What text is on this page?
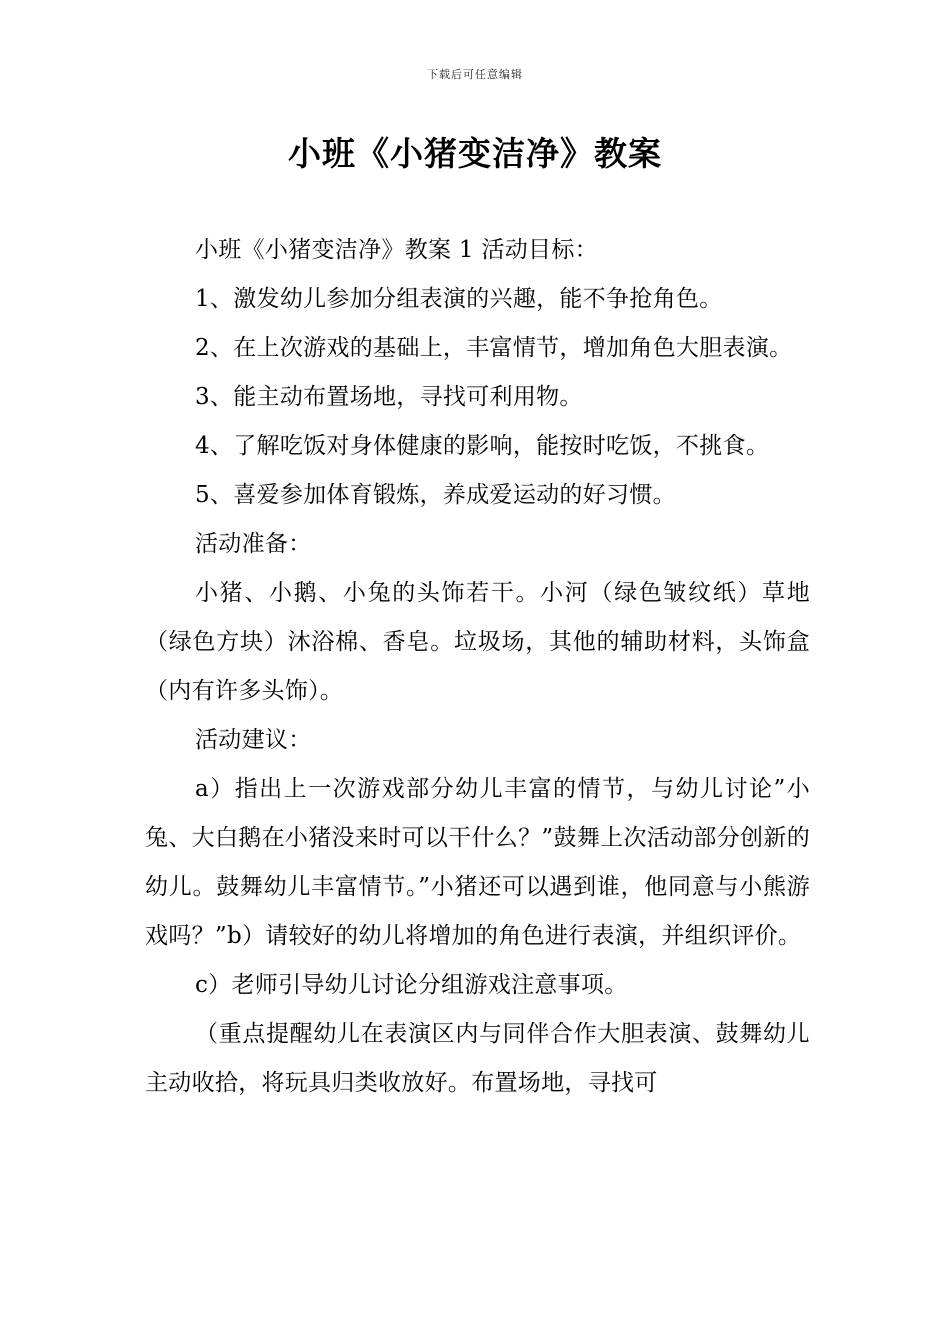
下载后可任意编辑
小班《小猪变洁净》教案

小班《小猪变洁净》教案 1 活动目标：

1、激发幼儿参加分组表演的兴趣，能不争抢角色。

2、在上次游戏的基础上，丰富情节，增加角色大胆表演。

3、能主动布置场地，寻找可利用物。

4、了解吃饭对身体健康的影响，能按时吃饭，不挑食。

5、喜爱参加体育锻炼，养成爱运动的好习惯。

活动准备：

小猪、小鹅、小兔的头饰若干。小河（绿色皱纹纸）草地（绿色方块）沐浴棉、香皂。垃圾场，其他的辅助材料，头饰盒（内有许多头饰）。

活动建议：

a）指出上一次游戏部分幼儿丰富的情节，与幼儿讨论”小兔、大白鹅在小猪没来时可以干什么？”鼓舞上次活动部分创新的幼儿。鼓舞幼儿丰富情节。”小猪还可以遇到谁，他同意与小熊游戏吗？”b）请较好的幼儿将增加的角色进行表演，并组织评价。

c）老师引导幼儿讨论分组游戏注意事项。

（重点提醒幼儿在表演区内与同伴合作大胆表演、鼓舞幼儿主动收拾，将玩具归类收放好。布置场地，寻找可
